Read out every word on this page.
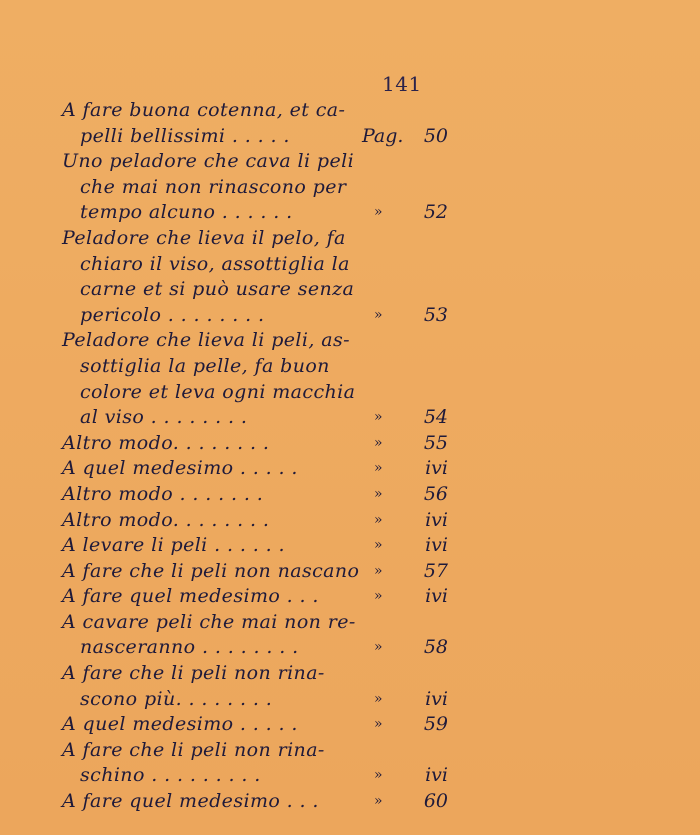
141
A fare buona cotenna, et ca-
pelli bellissimi . . . . .	Pag. 50
Uno peladore che cava li peli
che mai non rinascono per
tempo alcuno . . . . . .	» 52
Peladore che lieva il pelo, fa
chiaro il viso, assottiglia la
carne et si può usare senza
pericolo . . . . . . . .	» 53
Peladore che lieva li peli, as-
sottiglia la pelle, fa buon
colore et leva ogni macchia
al viso . . . . . . . .	» 54
Altro modo. . . . . . . .	» 55
A quel medesimo . . . . .	» ivi
Altro modo . . . . . . .	» 56
Altro modo. . . . . . . .	» ivi
A levare li peli . . . . . .	» ivi
A fare che li peli non nascano » 57
A fare quel medesimo . . .	» ivi
A cavare peli che mai non re-
nasceranno . . . . . . . .	» 58
A fare che li peli non rina-
scono più. . . . . . . .	» ivi
A quel medesimo . . . . .	» 59
A fare che li peli non rina-
schino . . . . . . . . .	» ivi
A fare quel medesimo . . .	» 60
